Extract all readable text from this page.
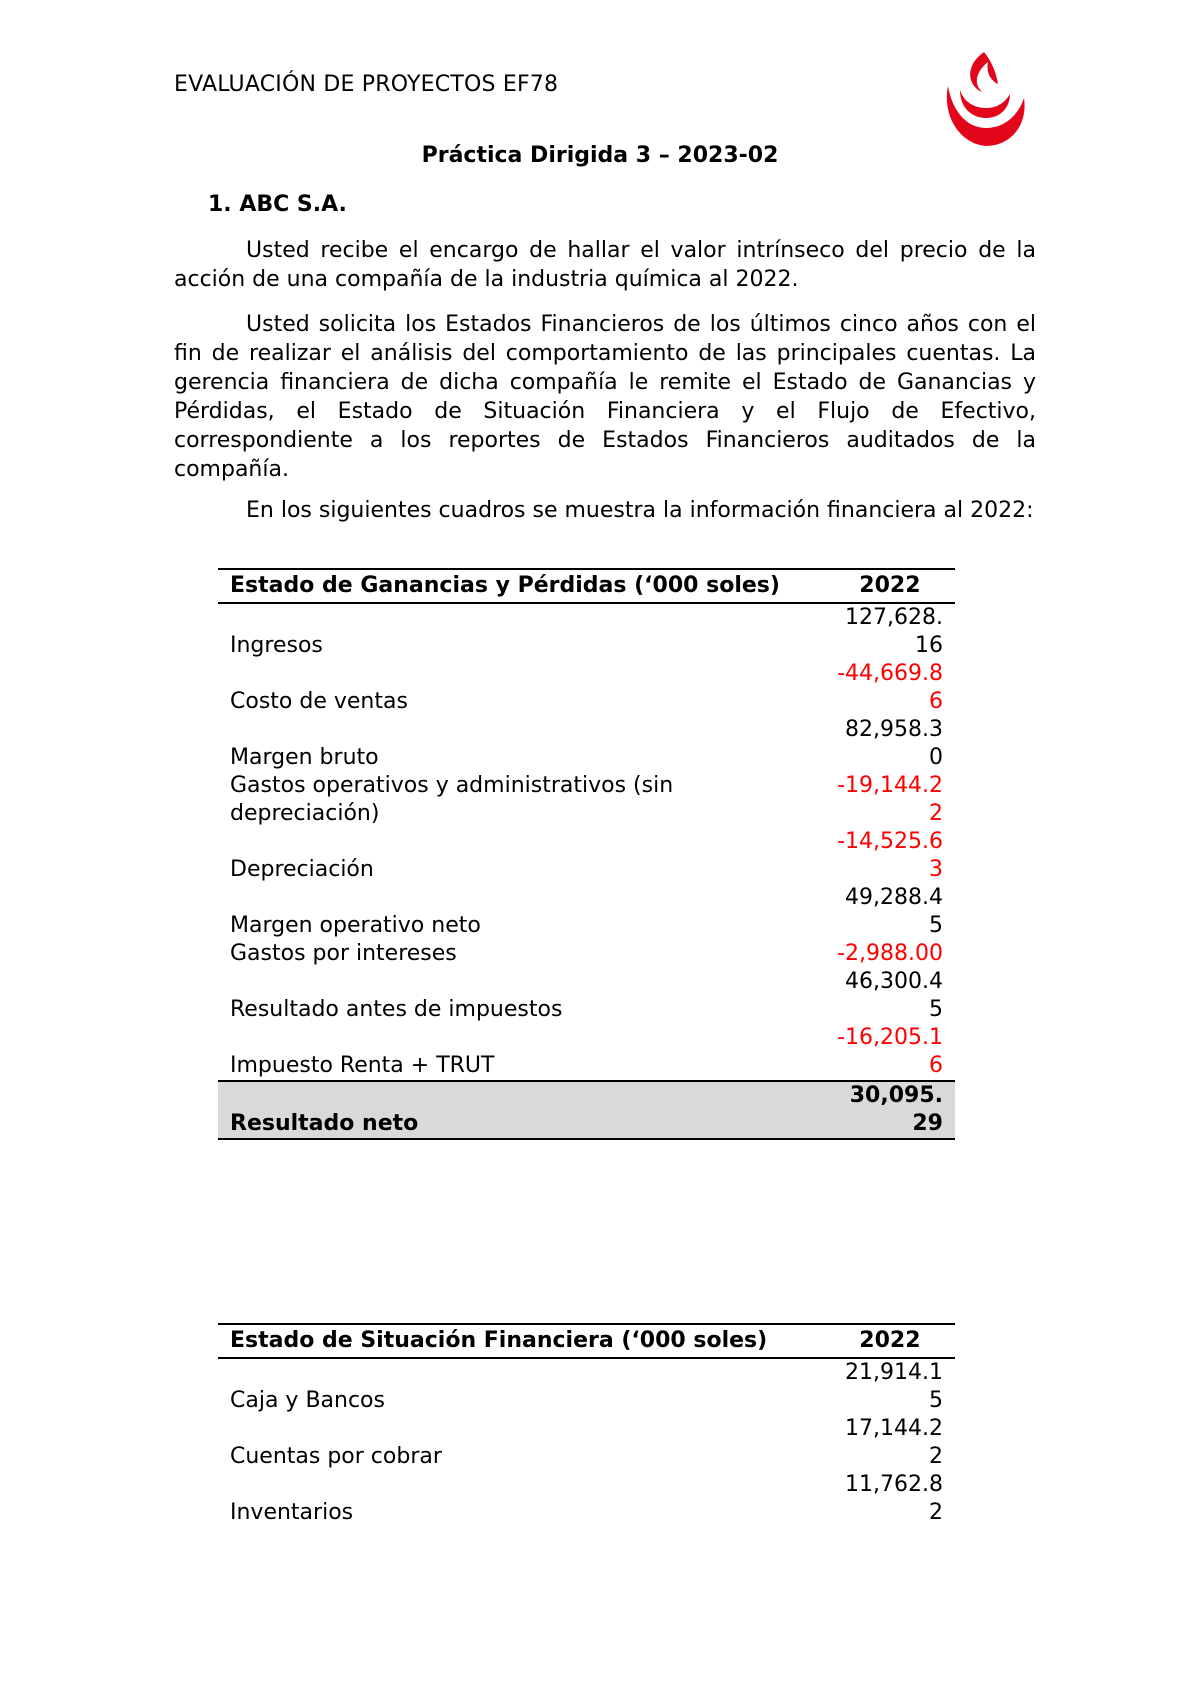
EVALUACIÓN DE PROYECTOS EF78
Práctica Dirigida 3 – 2023-02
1. ABC S.A.
Usted recibe el encargo de hallar el valor intrínseco del precio de la acción de una compañía de la industria química al 2022.
Usted solicita los Estados Financieros de los últimos cinco años con el fin de realizar el análisis del comportamiento de las principales cuentas. La gerencia financiera de dicha compañía le remite el Estado de Ganancias y Pérdidas, el Estado de Situación Financiera y el Flujo de Efectivo, correspondiente a los reportes de Estados Financieros auditados de la compañía.
En los siguientes cuadros se muestra la información financiera al 2022:
Estado de Ganancias y Pérdidas (‘000 soles)	2022
Ingresos	127,628.16
Costo de ventas	-44,669.86
Margen bruto	82,958.30
Gastos operativos y administrativos (sin depreciación)	-19,144.22
Depreciación	-14,525.63
Margen operativo neto	49,288.45
Gastos por intereses	-2,988.00
Resultado antes de impuestos	46,300.45
Impuesto Renta + TRUT	-16,205.16
Resultado neto	30,095.29
Estado de Situación Financiera (‘000 soles)	2022
Caja y Bancos	21,914.15
Cuentas por cobrar	17,144.22
Inventarios	11,762.82
